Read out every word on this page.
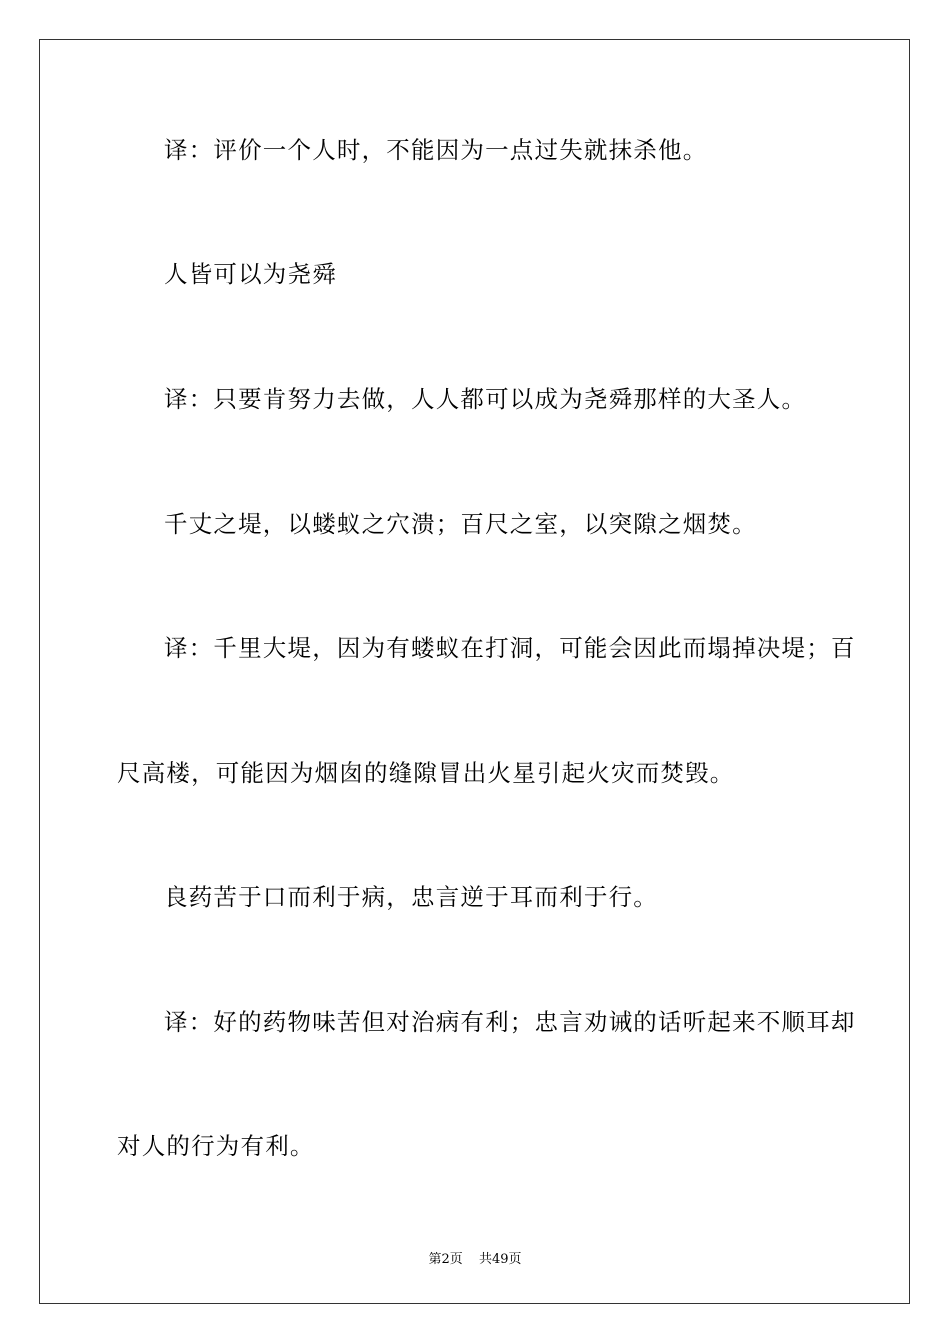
译：评价一个人时，不能因为一点过失就抹杀他。
人皆可以为尧舜
译：只要肯努力去做，人人都可以成为尧舜那样的大圣人。
千丈之堤，以蝼蚁之穴溃；百尺之室，以突隙之烟焚。
译：千里大堤，因为有蝼蚁在打洞，可能会因此而塌掉决堤；百
尺高楼，可能因为烟囱的缝隙冒出火星引起火灾而焚毁。
良药苦于口而利于病，忠言逆于耳而利于行。
译：好的药物味苦但对治病有利；忠言劝诫的话听起来不顺耳却
对人的行为有利。
第2页 共49页
